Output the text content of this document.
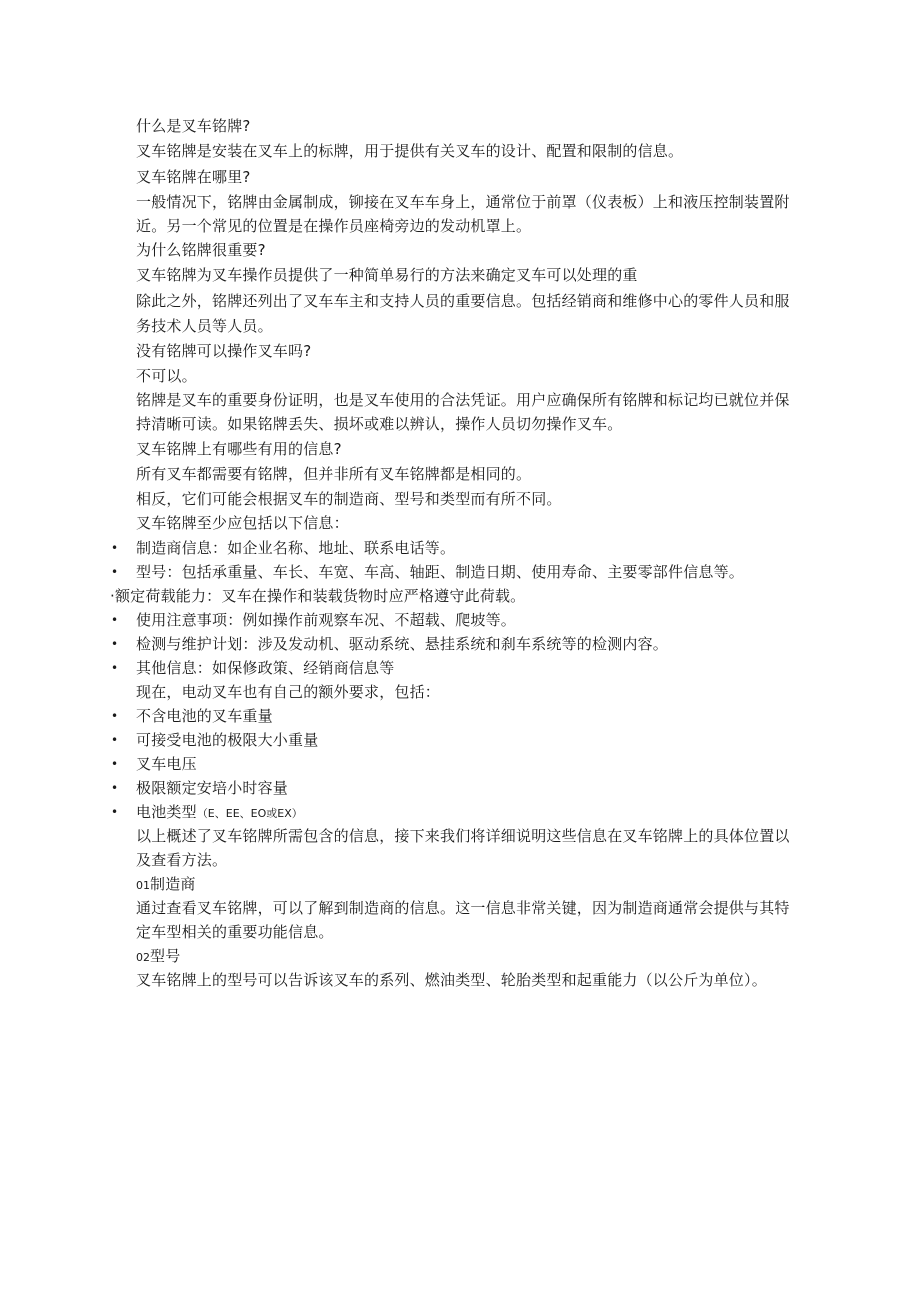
什么是叉车铭牌?
叉车铭牌是安装在叉车上的标牌，用于提供有关叉车的设计、配置和限制的信息。
叉车铭牌在哪里?
一般情况下，铭牌由金属制成，铆接在叉车车身上，通常位于前罩（仪表板）上和液压控制装置附
近。另一个常见的位置是在操作员座椅旁边的发动机罩上。
为什么铭牌很重要?
叉车铭牌为叉车操作员提供了一种简单易行的方法来确定叉车可以处理的重
除此之外，铭牌还列出了叉车车主和支持人员的重要信息。包括经销商和维修中心的零件人员和服
务技术人员等人员。
没有铭牌可以操作叉车吗?
不可以。
铭牌是叉车的重要身份证明，也是叉车使用的合法凭证。用户应确保所有铭牌和标记均已就位并保
持清晰可读。如果铭牌丢失、损坏或难以辨认，操作人员切勿操作叉车。
叉车铭牌上有哪些有用的信息?
所有叉车都需要有铭牌，但并非所有叉车铭牌都是相同的。
相反，它们可能会根据叉车的制造商、型号和类型而有所不同。
叉车铭牌至少应包括以下信息：
• 制造商信息：如企业名称、地址、联系电话等。
• 型号：包括承重量、车长、车宽、车高、轴距、制造日期、使用寿命、主要零部件信息等。
·额定荷载能力：叉车在操作和装载货物时应严格遵守此荷载。
• 使用注意事项：例如操作前观察车况、不超载、爬坡等。
• 检测与维护计划：涉及发动机、驱动系统、悬挂系统和刹车系统等的检测内容。
• 其他信息：如保修政策、经销商信息等
现在，电动叉车也有自己的额外要求，包括：
• 不含电池的叉车重量
• 可接受电池的极限大小重量
• 叉车电压
• 极限额定安培小时容量
• 电池类型（E、EE、EO或EX）
以上概述了叉车铭牌所需包含的信息，接下来我们将详细说明这些信息在叉车铭牌上的具体位置以
及查看方法。
01制造商
通过查看叉车铭牌，可以了解到制造商的信息。这一信息非常关键，因为制造商通常会提供与其特
定车型相关的重要功能信息。
02型号
叉车铭牌上的型号可以告诉该叉车的系列、燃油类型、轮胎类型和起重能力（以公斤为单位）。
